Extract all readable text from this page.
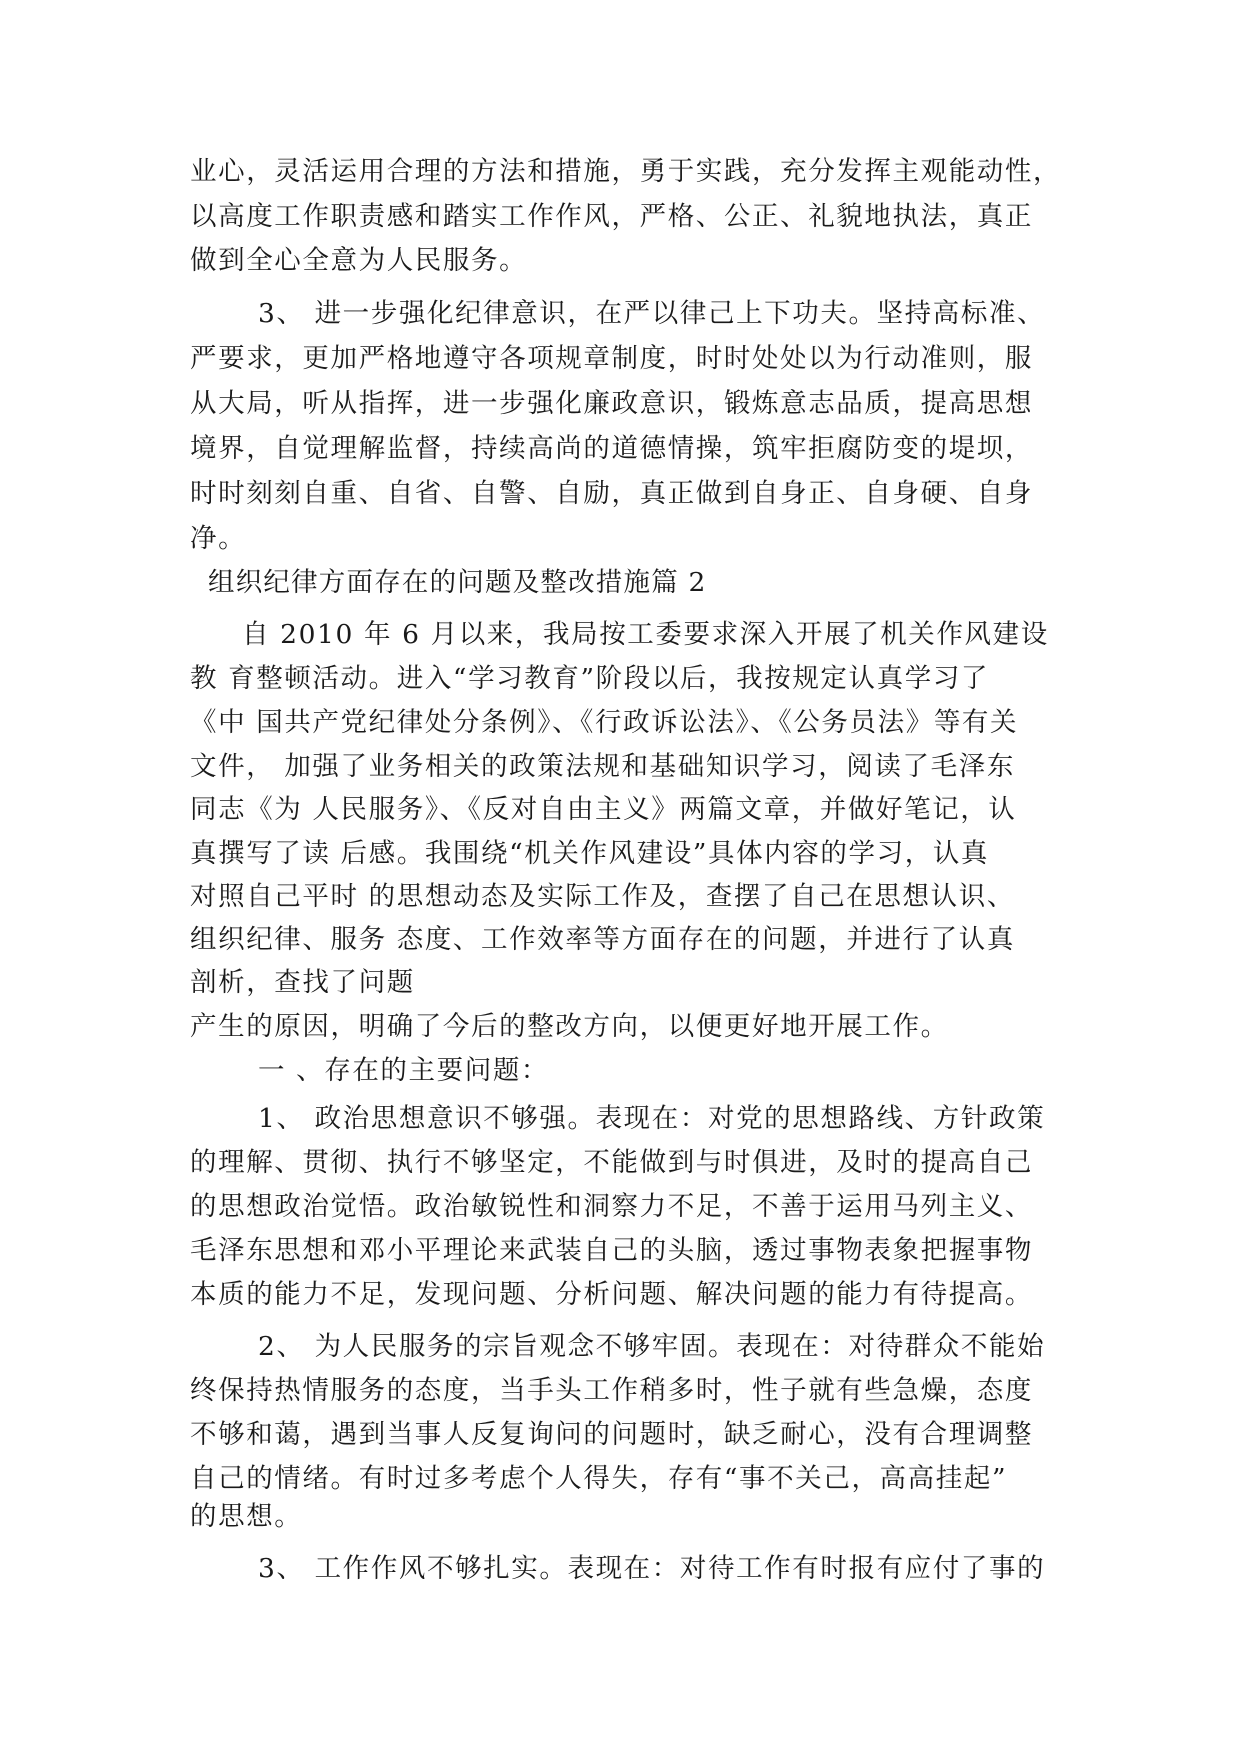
业心，灵活运用合理的方法和措施，勇于实践，充分发挥主观能动性，
以高度工作职责感和踏实工作作风，严格、公正、礼貌地执法，真正
做到全心全意为人民服务。
3、 进一步强化纪律意识，在严以律己上下功夫。坚持高标准、
严要求，更加严格地遵守各项规章制度，时时处处以为行动准则，服
从大局，听从指挥，进一步强化廉政意识，锻炼意志品质，提高思想
境界，自觉理解监督，持续高尚的道德情操，筑牢拒腐防变的堤坝，
时时刻刻自重、自省、自警、自励，真正做到自身正、自身硬、自身
净。
组织纪律方面存在的问题及整改措施篇 2
自 2010 年 6 月以来，我局按工委要求深入开展了机关作风建设
教 育整顿活动。进入“学习教育”阶段以后，我按规定认真学习了
《中 国共产党纪律处分条例》、《行政诉讼法》、《公务员法》等有关
文件， 加强了业务相关的政策法规和基础知识学习，阅读了毛泽东
同志《为 人民服务》、《反对自由主义》两篇文章，并做好笔记，认
真撰写了读 后感。我围绕“机关作风建设”具体内容的学习，认真
对照自己平时 的思想动态及实际工作及，查摆了自己在思想认识、
组织纪律、服务 态度、工作效率等方面存在的问题，并进行了认真
剖析，查找了问题
产生的原因，明确了今后的整改方向，以便更好地开展工作。
一 、存在的主要问题：
1、 政治思想意识不够强。表现在：对党的思想路线、方针政策
的理解、贯彻、执行不够坚定，不能做到与时俱进，及时的提高自己
的思想政治觉悟。政治敏锐性和洞察力不足，不善于运用马列主义、
毛泽东思想和邓小平理论来武装自己的头脑，透过事物表象把握事物
本质的能力不足，发现问题、分析问题、解决问题的能力有待提高。
2、 为人民服务的宗旨观念不够牢固。表现在：对待群众不能始
终保持热情服务的态度，当手头工作稍多时，性子就有些急燥，态度
不够和蔼，遇到当事人反复询问的问题时，缺乏耐心，没有合理调整
自己的情绪。有时过多考虑个人得失，存有“事不关己，高高挂起”
的思想。
3、 工作作风不够扎实。表现在：对待工作有时报有应付了事的
